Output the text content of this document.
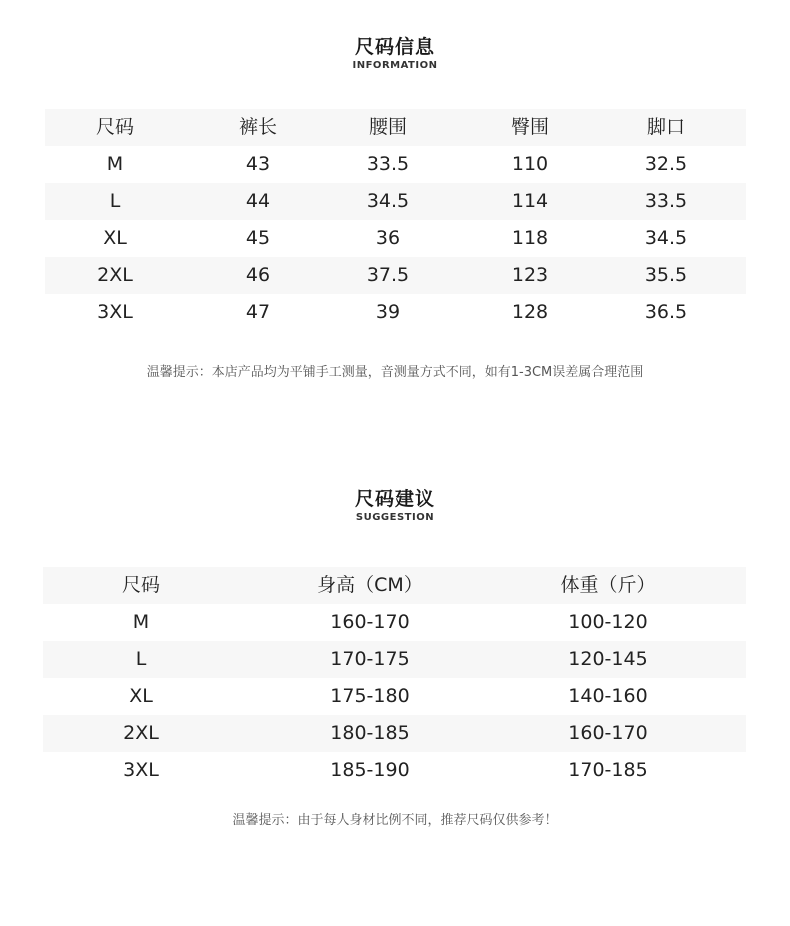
尺码信息
INFORMATION
尺码	裤长	腰围	臀围	脚口
M	43	33.5	110	32.5
L	44	34.5	114	33.5
XL	45	36	118	34.5
2XL	46	37.5	123	35.5
3XL	47	39	128	36.5
温馨提示：本店产品均为平铺手工测量，音测量方式不同，如有1-3CM误差属合理范围
尺码建议
SUGGESTION
尺码	身高（CM）	体重（斤）
M	160-170	100-120
L	170-175	120-145
XL	175-180	140-160
2XL	180-185	160-170
3XL	185-190	170-185
温馨提示：由于每人身材比例不同，推荐尺码仅供参考！
